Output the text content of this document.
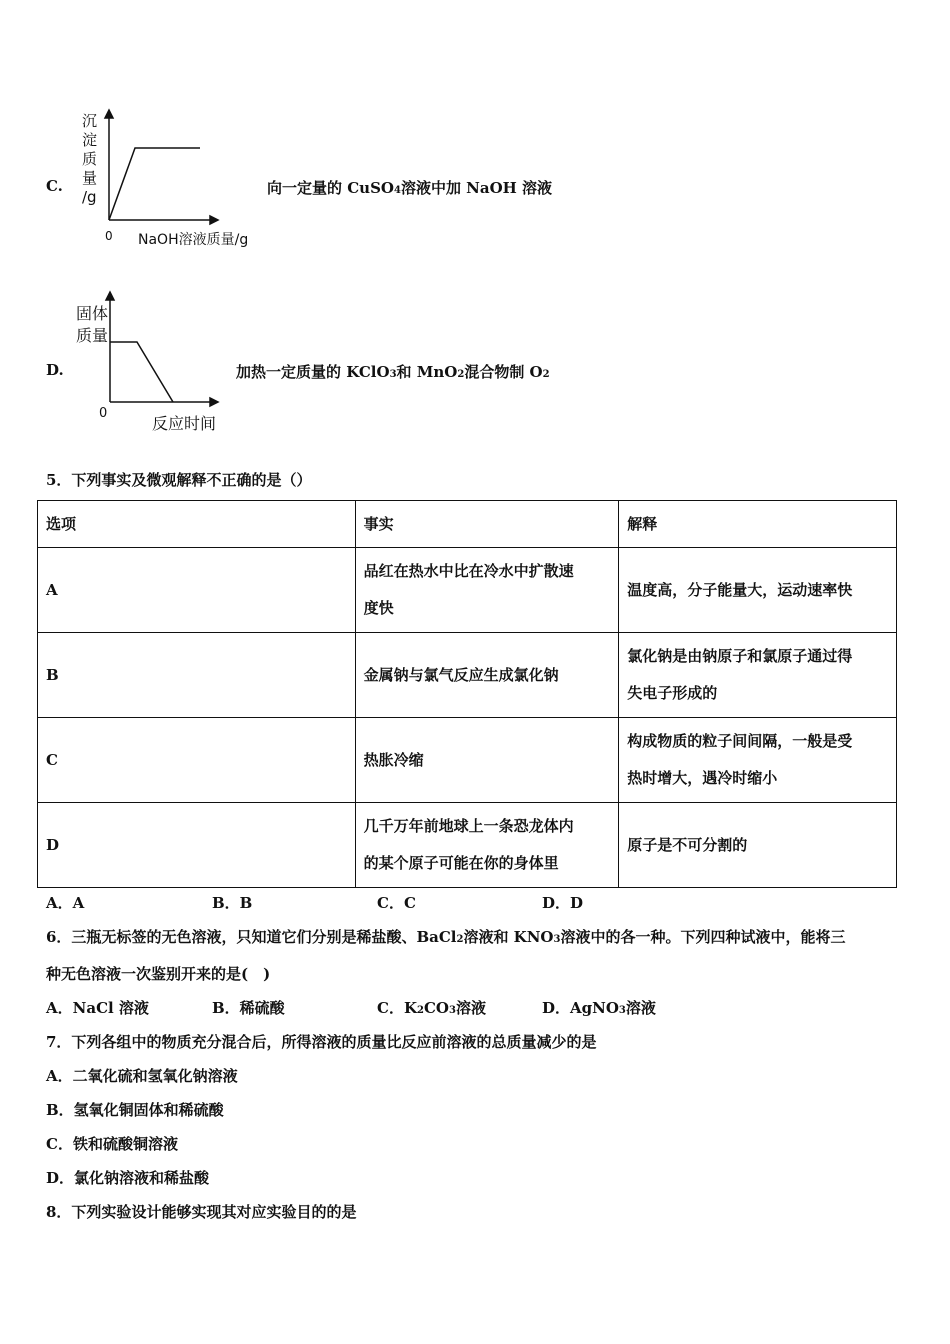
沉
淀
质
量
/g
0 NaOH溶液质量/g
C.	向一定量的 CuSO4溶液中加 NaOH 溶液
固体
质量
0
反应时间
D.	加热一定质量的 KClO3和 MnO2混合物制 O2
5．下列事实及微观解释不正确的是（）
选项	事实	解释
A	品红在热水中比在冷水中扩散速
度快	温度高，分子能量大，运动速率快

B	金属钠与氯气反应生成氯化钠	氯化钠是由钠原子和氯原子通过得
失电子形成的

C	热胀冷缩	构成物质的粒子间间隔，一般是受
热时增大，遇冷时缩小

D	几千万年前地球上一条恐龙体内
的某个原子可能在你的身体里	原子是不可分割的
A．A	B．B	C．C	D．D
6．三瓶无标签的无色溶液，只知道它们分别是稀盐酸、BaCl2溶液和 KNO3溶液中的各一种。下列四种试液中，能将三
种无色溶液一次鉴别开来的是(　)
A．NaCl 溶液	B．稀硫酸	C．K2CO3溶液	D．AgNO3溶液
7．下列各组中的物质充分混合后，所得溶液的质量比反应前溶液的总质量减少的是
A．二氧化硫和氢氧化钠溶液
B．氢氧化铜固体和稀硫酸
C．铁和硫酸铜溶液
D．氯化钠溶液和稀盐酸
8．下列实验设计能够实现其对应实验目的的是
